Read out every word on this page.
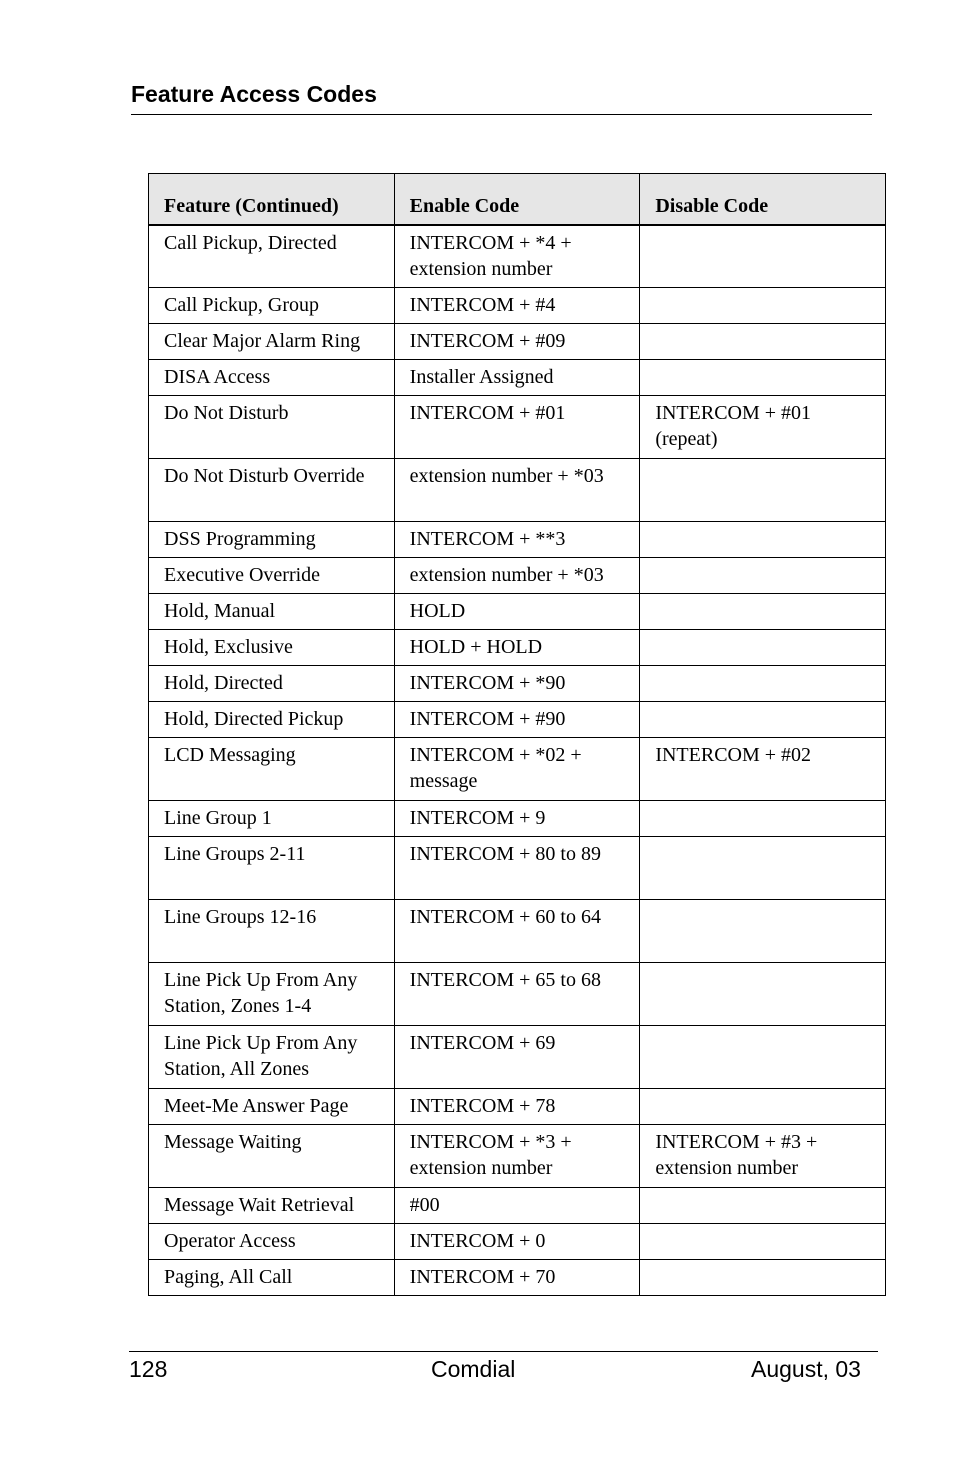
Feature Access Codes
Feature (Continued)	Enable Code	Disable Code
Call Pickup, Directed	INTERCOM + *4 + extension number	
Call Pickup, Group	INTERCOM + #4	
Clear Major Alarm Ring	INTERCOM + #09	
DISA Access	Installer Assigned	
Do Not Disturb	INTERCOM + #01	INTERCOM + #01 (repeat)
Do Not Disturb Override	extension number + *03	
DSS Programming	INTERCOM + **3	
Executive Override	extension number + *03	
Hold, Manual	HOLD	
Hold, Exclusive	HOLD + HOLD	
Hold, Directed	INTERCOM + *90	
Hold, Directed Pickup	INTERCOM + #90	
LCD Messaging	INTERCOM + *02 + message	INTERCOM + #02
Line Group 1	INTERCOM + 9	
Line Groups 2-11	INTERCOM + 80 to 89	
Line Groups 12-16	INTERCOM + 60 to 64	
Line Pick Up From Any Station, Zones 1-4	INTERCOM + 65 to 68	
Line Pick Up From Any Station, All Zones	INTERCOM + 69	
Meet-Me Answer Page	INTERCOM + 78	
Message Waiting	INTERCOM + *3 + extension number	INTERCOM + #3 + extension number
Message Wait Retrieval	#00	
Operator Access	INTERCOM + 0	
Paging, All Call	INTERCOM + 70	
128	Comdial	August, 03
